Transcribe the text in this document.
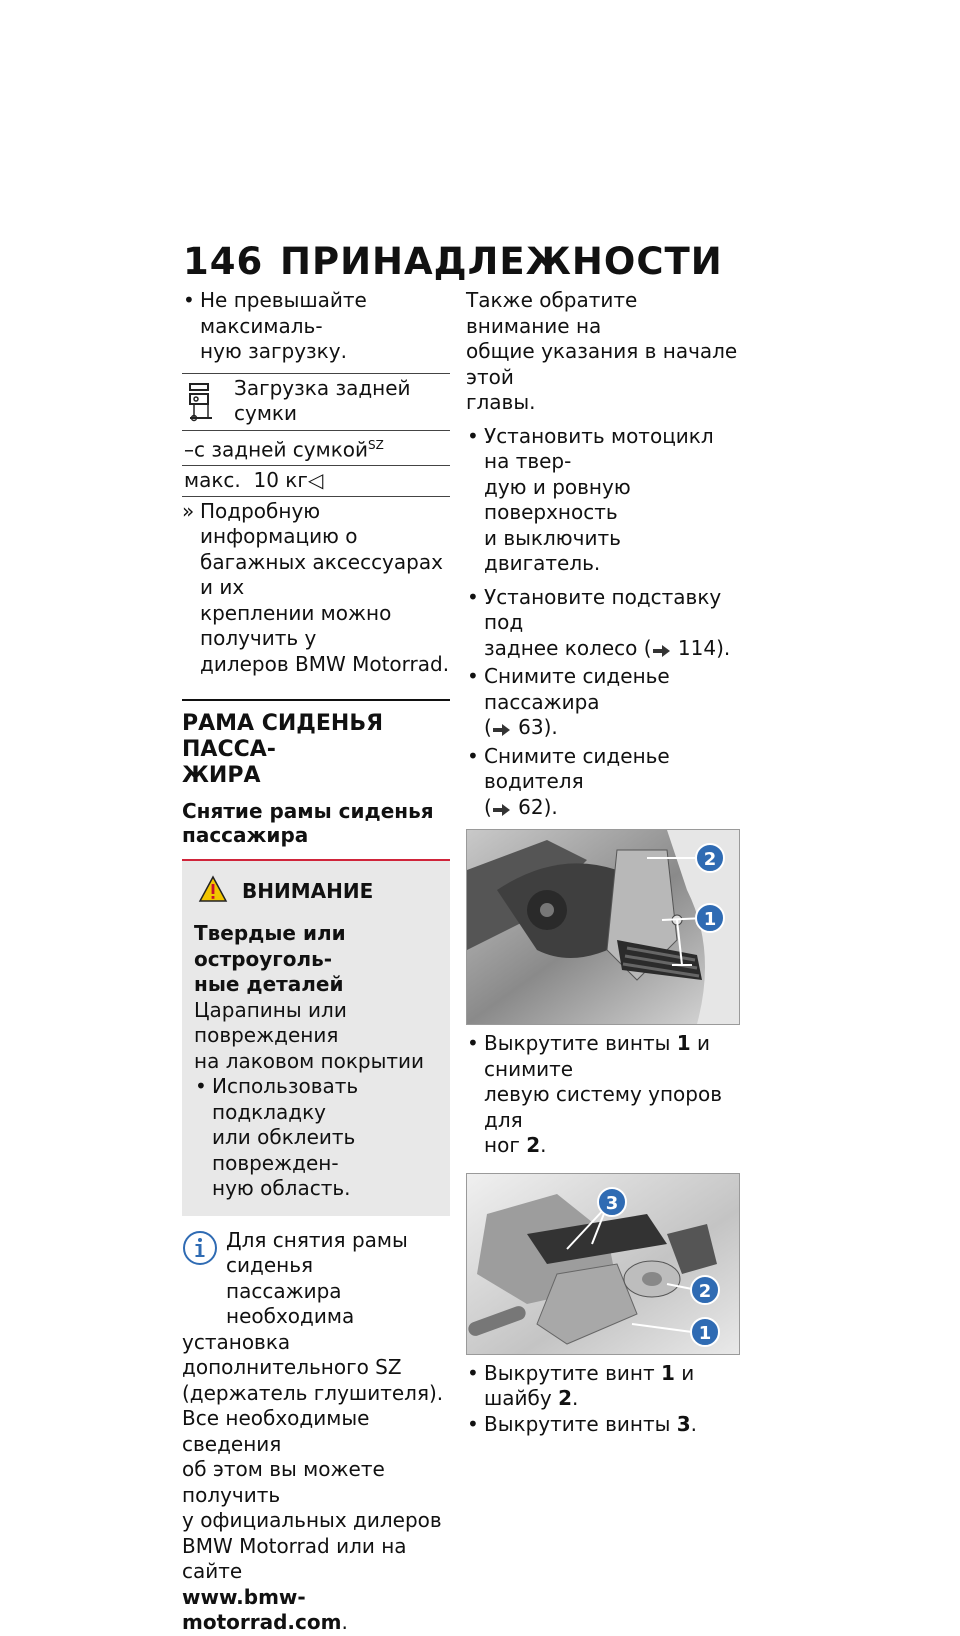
146 ПРИНАДЛЕЖНОСТИ
• Не превышайте максималь-
ную загрузку.
Загрузка задней сумки

–с задней сумкой$^{SZ}$
макс. 10 кг◁
» Подробную информацию о
багажных аксессуарах и их
креплении можно получить у
дилеров BMW Motorrad.
РАМА СИДЕНЬЯ ПАССА-
ЖИРА
Снятие рамы сиденья
пассажира
ВНИМАНИЕ
Твердые или остроуголь-
ные деталей
Царапины или повреждения
на лаковом покрытии
• Использовать подкладку
или обклеить поврежден-
ную область.
Для снятия рамы сиденья
пассажира необходима
установка дополнительного SZ
(держатель глушителя).
Все необходимые сведения
об этом вы можете получить
у официальных дилеров
BMW Motorrad или на сайте
www.bmw-motorrad.com.
Также обратите внимание на
общие указания в начале этой
главы.
• Установить мотоцикл на твер-
дую и ровную поверхность
и выключить двигатель.
• Установите подставку под
заднее колесо ( 114).
• Снимите сиденье пассажира
( 63).
• Снимите сиденье водителя
( 62).
2
1
• Выкрутите винты 1 и снимите
левую систему упоров для
ног 2.
3
2
1
• Выкрутите винт 1 и шайбу 2.
• Выкрутите винты 3.
